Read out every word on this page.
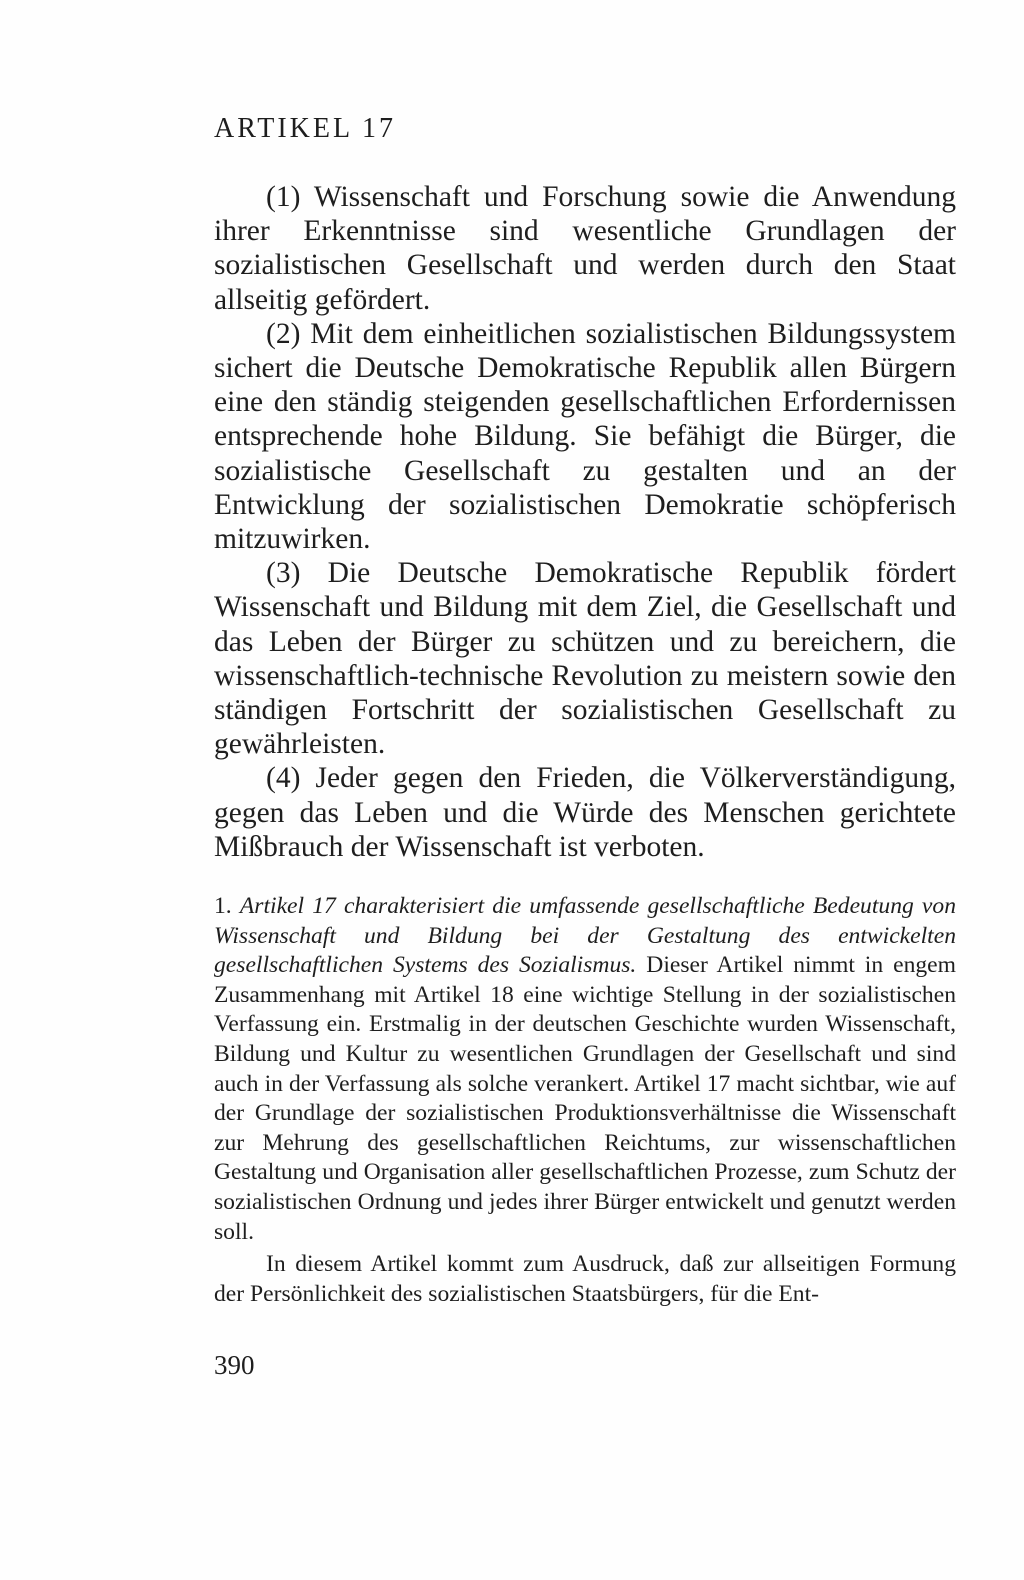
ARTIKEL 17

(1) Wissenschaft und Forschung sowie die Anwendung ihrer Erkenntnisse sind wesentliche Grundlagen der sozialistischen Gesellschaft und werden durch den Staat allseitig gefördert.

(2) Mit dem einheitlichen sozialistischen Bildungssystem sichert die Deutsche Demokratische Republik allen Bürgern eine den ständig steigenden gesellschaftlichen Erfordernissen entsprechende hohe Bildung. Sie befähigt die Bürger, die sozialistische Gesellschaft zu gestalten und an der Entwicklung der sozialistischen Demokratie schöpferisch mitzuwirken.

(3) Die Deutsche Demokratische Republik fördert Wissenschaft und Bildung mit dem Ziel, die Gesellschaft und das Leben der Bürger zu schützen und zu bereichern, die wissenschaftlich-technische Revolution zu meistern sowie den ständigen Fortschritt der sozialistischen Gesellschaft zu gewährleisten.

(4) Jeder gegen den Frieden, die Völkerverständigung, gegen das Leben und die Würde des Menschen gerichtete Mißbrauch der Wissenschaft ist verboten.

1. Artikel 17 charakterisiert die umfassende gesellschaftliche Bedeutung von Wissenschaft und Bildung bei der Gestaltung des entwickelten gesellschaftlichen Systems des Sozialismus. Dieser Artikel nimmt in engem Zusammenhang mit Artikel 18 eine wichtige Stellung in der sozialistischen Verfassung ein. Erstmalig in der deutschen Geschichte wurden Wissenschaft, Bildung und Kultur zu wesentlichen Grundlagen der Gesellschaft und sind auch in der Verfassung als solche verankert. Artikel 17 macht sichtbar, wie auf der Grundlage der sozialistischen Produktionsverhältnisse die Wissenschaft zur Mehrung des gesellschaftlichen Reichtums, zur wissenschaftlichen Gestaltung und Organisation aller gesellschaftlichen Prozesse, zum Schutz der sozialistischen Ordnung und jedes ihrer Bürger entwickelt und genutzt werden soll.

In diesem Artikel kommt zum Ausdruck, daß zur allseitigen Formung der Persönlichkeit des sozialistischen Staatsbürgers, für die Ent-

390
